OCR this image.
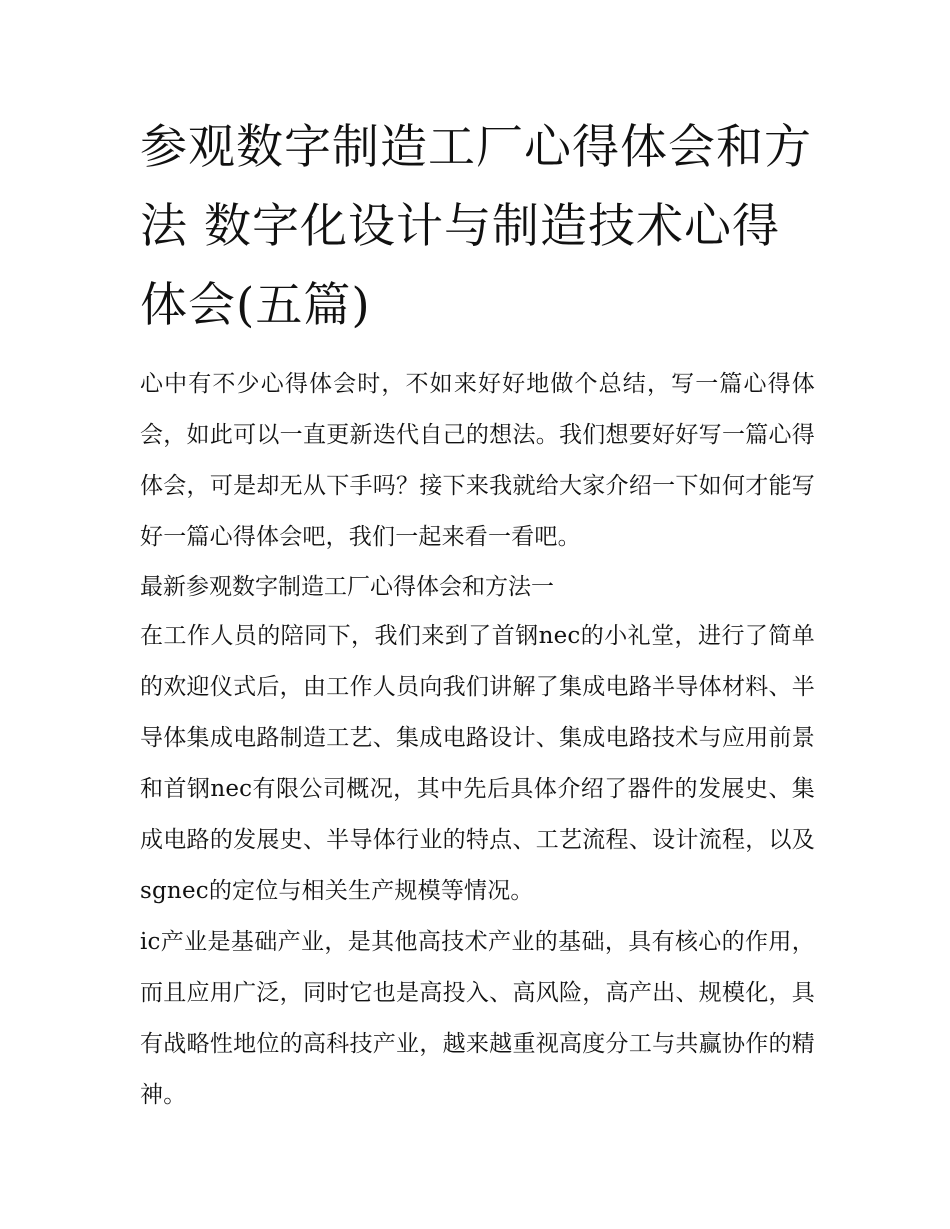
参观数字制造工厂心得体会和方法 数字化设计与制造技术心得体会(五篇)

心中有不少心得体会时，不如来好好地做个总结，写一篇心得体会，如此可以一直更新迭代自己的想法。我们想要好好写一篇心得体会，可是却无从下手吗？接下来我就给大家介绍一下如何才能写好一篇心得体会吧，我们一起来看一看吧。

最新参观数字制造工厂心得体会和方法一

在工作人员的陪同下，我们来到了首钢nec的小礼堂，进行了简单的欢迎仪式后，由工作人员向我们讲解了集成电路半导体材料、半导体集成电路制造工艺、集成电路设计、集成电路技术与应用前景和首钢nec有限公司概况，其中先后具体介绍了器件的发展史、集成电路的发展史、半导体行业的特点、工艺流程、设计流程，以及sgnec的定位与相关生产规模等情况。

ic产业是基础产业，是其他高技术产业的基础，具有核心的作用，而且应用广泛，同时它也是高投入、高风险，高产出、规模化，具有战略性地位的高科技产业，越来越重视高度分工与共赢协作的精神。
